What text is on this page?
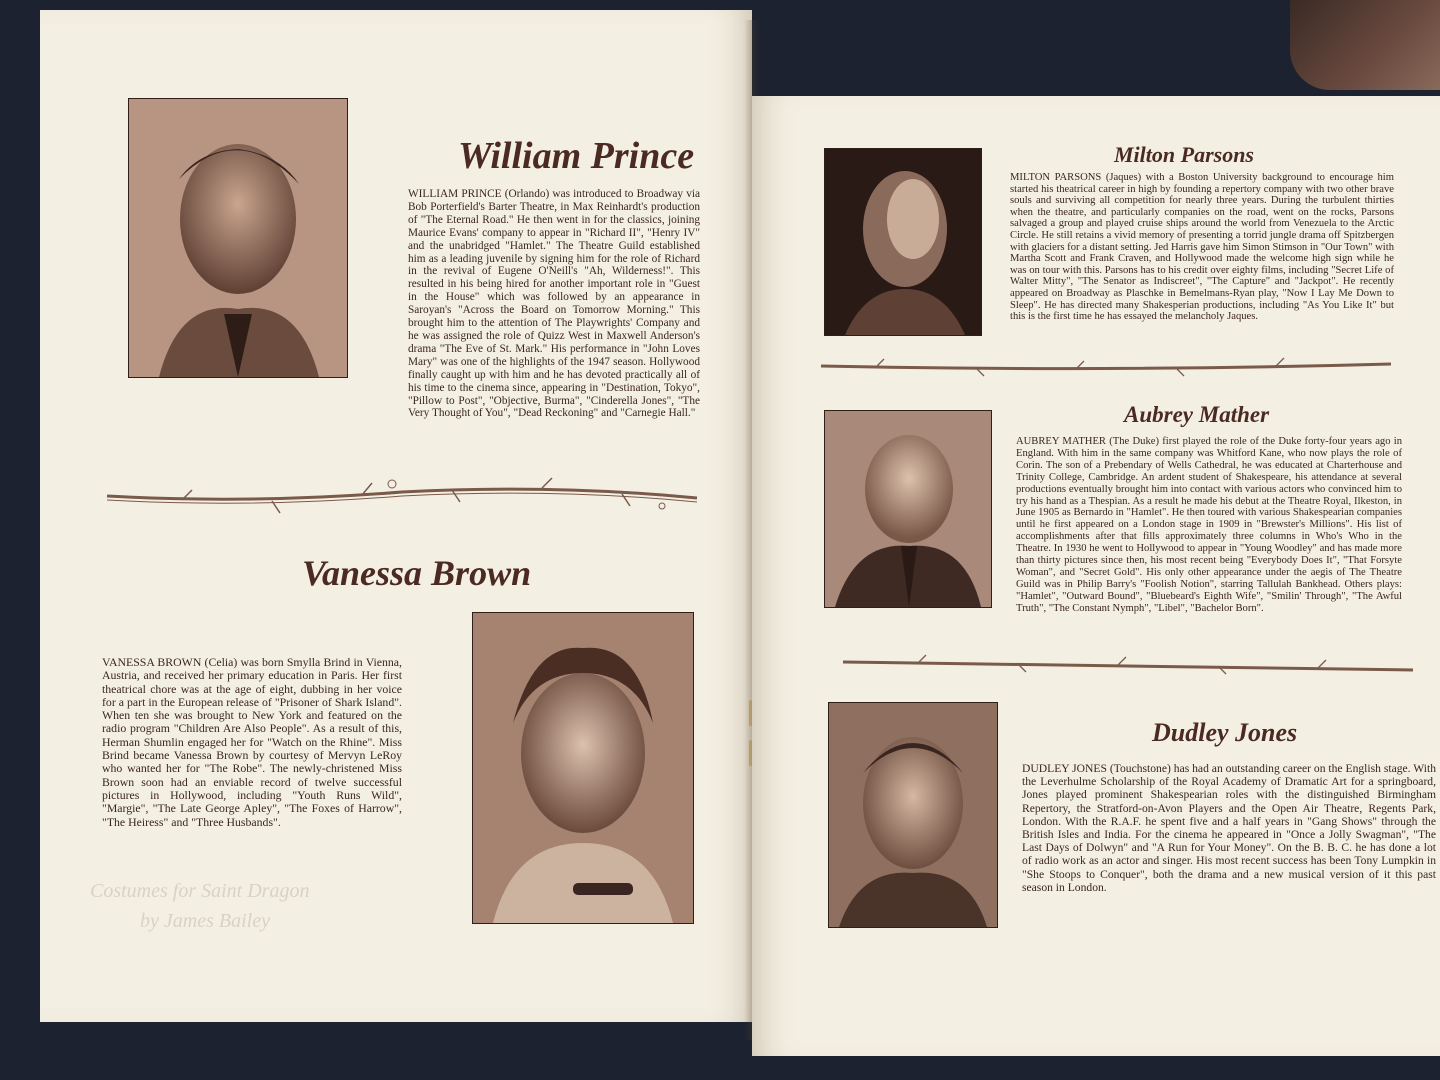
William Prince
WILLIAM PRINCE (Orlando) was introduced to Broadway via Bob Porterfield's Barter Theatre, in Max Reinhardt's production of "The Eternal Road." He then went in for the classics, joining Maurice Evans' company to appear in "Richard II", "Henry IV" and the unabridged "Hamlet." The Theatre Guild established him as a leading juvenile by signing him for the role of Richard in the revival of Eugene O'Neill's "Ah, Wilderness!". This resulted in his being hired for another important role in "Guest in the House" which was followed by an appearance in Saroyan's "Across the Board on Tomorrow Morning." This brought him to the attention of The Playwrights' Company and he was assigned the role of Quizz West in Maxwell Anderson's drama "The Eve of St. Mark." His performance in "John Loves Mary" was one of the highlights of the 1947 season. Hollywood finally caught up with him and he has devoted practically all of his time to the cinema since, appearing in "Destination, Tokyo", "Pillow to Post", "Objective, Burma", "Cinderella Jones", "The Very Thought of You", "Dead Reckoning" and "Carnegie Hall."
Vanessa Brown
VANESSA BROWN (Celia) was born Smylla Brind in Vienna, Austria, and received her primary education in Paris. Her first theatrical chore was at the age of eight, dubbing in her voice for a part in the European release of "Prisoner of Shark Island". When ten she was brought to New York and featured on the radio program "Children Are Also People". As a result of this, Herman Shumlin engaged her for "Watch on the Rhine". Miss Brind became Vanessa Brown by courtesy of Mervyn LeRoy who wanted her for "The Robe". The newly-christened Miss Brown soon had an enviable record of twelve successful pictures in Hollywood, including "Youth Runs Wild", "Margie", "The Late George Apley", "The Foxes of Harrow", "The Heiress" and "Three Husbands".
Costumes for Saint Dragon
by James Bailey
Milton Parsons
MILTON PARSONS (Jaques) with a Boston University background to encourage him started his theatrical career in high by founding a repertory company with two other brave souls and surviving all competition for nearly three years. During the turbulent thirties when the theatre, and particularly companies on the road, went on the rocks, Parsons salvaged a group and played cruise ships around the world from Venezuela to the Arctic Circle. He still retains a vivid memory of presenting a torrid jungle drama off Spitzbergen with glaciers for a distant setting. Jed Harris gave him Simon Stimson in "Our Town" with Martha Scott and Frank Craven, and Hollywood made the welcome high sign while he was on tour with this. Parsons has to his credit over eighty films, including "Secret Life of Walter Mitty", "The Senator as Indiscreet", "The Capture" and "Jackpot". He recently appeared on Broadway as Plaschke in Bemelmans-Ryan play, "Now I Lay Me Down to Sleep". He has directed many Shakesperian productions, including "As You Like It" but this is the first time he has essayed the melancholy Jaques.
Aubrey Mather
AUBREY MATHER (The Duke) first played the role of the Duke forty-four years ago in England. With him in the same company was Whitford Kane, who now plays the role of Corin. The son of a Prebendary of Wells Cathedral, he was educated at Charterhouse and Trinity College, Cambridge. An ardent student of Shakespeare, his attendance at several productions eventually brought him into contact with various actors who convinced him to try his hand as a Thespian. As a result he made his debut at the Theatre Royal, Ilkeston, in June 1905 as Bernardo in "Hamlet". He then toured with various Shakespearian companies until he first appeared on a London stage in 1909 in "Brewster's Millions". His list of accomplishments after that fills approximately three columns in Who's Who in the Theatre. In 1930 he went to Hollywood to appear in "Young Woodley" and has made more than thirty pictures since then, his most recent being "Everybody Does It", "That Forsyte Woman", and "Secret Gold". His only other appearance under the aegis of The Theatre Guild was in Philip Barry's "Foolish Notion", starring Tallulah Bankhead. Others plays: "Hamlet", "Outward Bound", "Bluebeard's Eighth Wife", "Smilin' Through", "The Awful Truth", "The Constant Nymph", "Libel", "Bachelor Born".
Dudley Jones
DUDLEY JONES (Touchstone) has had an outstanding career on the English stage. With the Leverhulme Scholarship of the Royal Academy of Dramatic Art for a springboard, Jones played prominent Shakespearian roles with the distinguished Birmingham Repertory, the Stratford-on-Avon Players and the Open Air Theatre, Regents Park, London. With the R.A.F. he spent five and a half years in "Gang Shows" through the British Isles and India. For the cinema he appeared in "Once a Jolly Swagman", "The Last Days of Dolwyn" and "A Run for Your Money". On the B. B. C. he has done a lot of radio work as an actor and singer. His most recent success has been Tony Lumpkin in "She Stoops to Conquer", both the drama and a new musical version of it this past season in London.
